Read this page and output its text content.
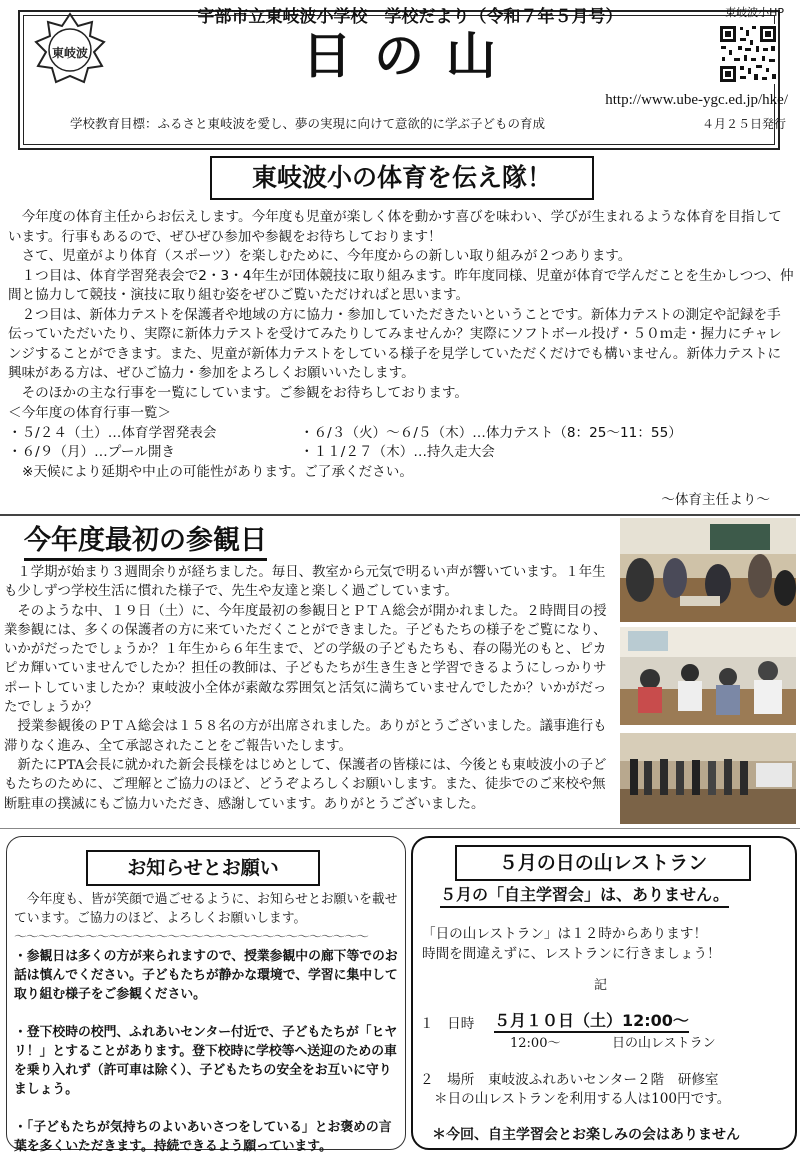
東岐波
宇部市立東岐波小学校　学校だより（令和７年５月号）	東岐波小HP
日の山
http://www.ube-ygc.ed.jp/hke/
学校教育目標：ふるさと東岐波を愛し、夢の実現に向けて意欲的に学ぶ子どもの育成	４月２５日発行
東岐波小の体育を伝え隊！

　今年度の体育主任からお伝えします。今年度も児童が楽しく体を動かす喜びを味わい、学びが生まれるような体育を目指しています。行事もあるので、ぜひぜひ参加や参観をお待ちしております！

　さて、児童がより体育（スポーツ）を楽しむために、今年度からの新しい取り組みが２つあります。

　１つ目は、体育学習発表会で2・3・4年生が団体競技に取り組みます。昨年度同様、児童が体育で学んだことを生かしつつ、仲間と協力して競技・演技に取り組む姿をぜひご覧いただければと思います。

　２つ目は、新体力テストを保護者や地域の方に協力・参加していただきたいということです。新体力テストの測定や記録を手伝っていただいたり、実際に新体力テストを受けてみたりしてみませんか？実際にソフトボール投げ・５０ｍ走・握力にチャレンジすることができます。また、児童が新体力テストをしている様子を見学していただくだけでも構いません。新体力テストに興味がある方は、ぜひご協力・参加をよろしくお願いいたします。

　そのほかの主な行事を一覧にしています。ご参観をお待ちしております。

＜今年度の体育行事一覧＞
・５/２４（土）…体育学習発表会	・６/３（火）～６/５（木）…体力テスト（8：25～11：55）
・６/９（月）…プール開き	・１１/２７（木）…持久走大会
※天候により延期や中止の可能性があります。ご了承ください。
～体育主任より～
今年度最初の参観日

　１学期が始まり３週間余りが経ちました。毎日、教室から元気で明るい声が響いています。１年生も少しずつ学校生活に慣れた様子で、先生や友達と楽しく過ごしています。

　そのような中、１９日（土）に、今年度最初の参観日とＰＴＡ総会が開かれました。２時間目の授業参観には、多くの保護者の方に来ていただくことができました。子どもたちの様子をご覧になり、いかがだったでしょうか？１年生から６年生まで、どの学級の子どもたちも、春の陽光のもと、ピカピカ輝いていませんでしたか？担任の教師は、子どもたちが生き生きと学習できるようにしっかりサポートしていましたか？東岐波小全体が素敵な雰囲気と活気に満ちていませんでしたか？いかがだったでしょうか？

　授業参観後のＰＴＡ総会は１５８名の方が出席されました。ありがとうございました。議事進行も滞りなく進み、全て承認されたことをご報告いたします。

　新たにPTA会長に就かれた新会長様をはじめとして、保護者の皆様には、今後とも東岐波小の子どもたちのために、ご理解とご協力のほど、どうぞよろしくお願いします。また、徒歩でのご来校や無断駐車の撲滅にもご協力いただき、感謝しています。ありがとうございました。

お知らせとお願い

　今年度も、皆が笑顔で過ごせるように、お知らせとお願いを載せています。ご協力のほど、よろしくお願いします。

～～～～～～～～～～～～～～～～～～～～～～～～～～～～～～

・参観日は多くの方が来られますので、授業参観中の廊下等でのお話は慎んでください。子どもたちが静かな環境で、学習に集中して取り組む様子をご参観ください。

・登下校時の校門、ふれあいセンター付近で、子どもたちが「ヒヤリ！」とすることがあります。登下校時に学校等へ送迎のための車を乗り入れず（許可車は除く）、子どもたちの安全をお互いに守りましょう。

・「子どもたちが気持ちのよいあいさつをしている」とお褒めの言葉を多くいただきます。持続できるよう願っています。

５月の日の山レストラン
５月の「自主学習会」は、ありません。

「日の山レストラン」は１２時からあります！
時間を間違えずに、レストランに行きましょう！

記
１　日時 ５月１０日（土）12:00～
12:00～	日の山レストラン
２　場所　東岐波ふれあいセンター２階　研修室
＊日の山レストランを利用する人は100円です。
＊今回、自主学習会とお楽しみの会はありません
